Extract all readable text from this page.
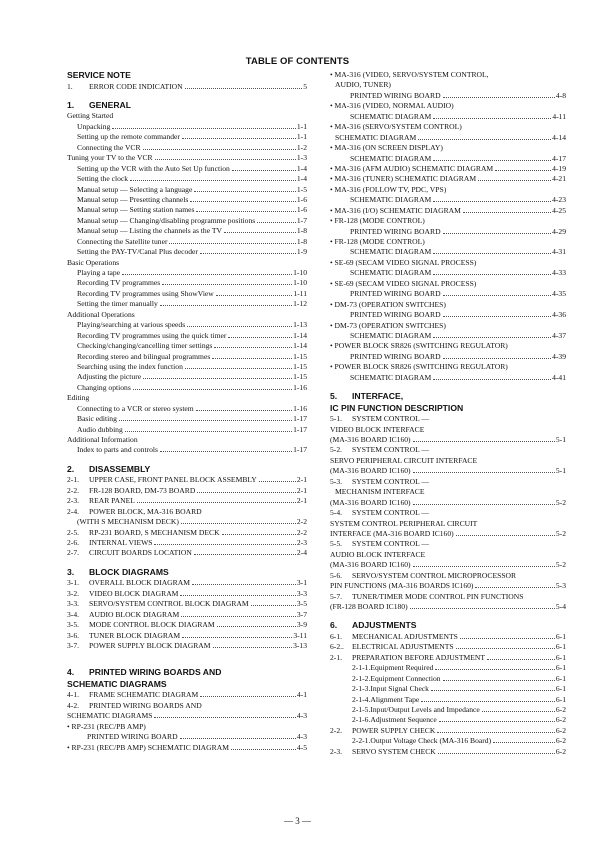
TABLE OF CONTENTS
SERVICE NOTE
1.	ERROR CODE INDICATION	5
1.	GENERAL
Getting Started
Unpacking	1-1
Setting up the remote commander	1-1
Connecting the VCR	1-2
Tuning your TV to the VCR	1-3
Setting up the VCR with the Auto Set Up function	1-4
Setting the clock	1-4
Manual setup — Selecting a language	1-5
Manual setup — Presetting channels	1-6
Manual setup — Setting station names	1-6
Manual setup — Changing/disabling programme positions	1-7
Manual setup — Listing the channels as the TV	1-8
Connecting the Satellite tuner	1-8
Setting the PAY-TV/Canal Plus decoder	1-9
Basic Operations
Playing a tape	1-10
Recording TV programmes	1-10
Recording TV programmes using ShowView	1-11
Setting the timer manually	1-12
Additional Operations
Playing/searching at various speeds	1-13
Recording TV programmes using the quick timer	1-14
Checking/changing/cancelling timer settings	1-14
Recording stereo and bilingual programmes	1-15
Searching using the index function	1-15
Adjusting the picture	1-15
Changing options	1-16
Editing
Connecting to a VCR or stereo system	1-16
Basic editing	1-17
Audio dubbing	1-17
Additional Information
Index to parts and controls	1-17
2.	DISASSEMBLY
2-1.	UPPER CASE, FRONT PANEL BLOCK ASSEMBLY	2-1
2-2.	FR-128 BOARD, DM-73 BOARD	2-1
2-3.	REAR PANEL	2-1
2-4.	POWER BLOCK, MA-316 BOARD
(WITH S MECHANISM DECK)	2-2
2-5.	RP-231 BOARD, S MECHANISM DECK	2-2
2-6.	INTERNAL VIEWS	2-3
2-7.	CIRCUIT BOARDS LOCATION	2-4
3.	BLOCK DIAGRAMS
3-1.	OVERALL BLOCK DIAGRAM	3-1
3-2.	VIDEO BLOCK DIAGRAM	3-3
3-3.	SERVO/SYSTEM CONTROL BLOCK DIAGRAM	3-5
3-4.	AUDIO BLOCK DIAGRAM	3-7
3-5.	MODE CONTROL BLOCK DIAGRAM	3-9
3-6.	TUNER BLOCK DIAGRAM	3-11
3-7.	POWER SUPPLY BLOCK DIAGRAM	3-13
4.	PRINTED WIRING BOARDS AND
SCHEMATIC DIAGRAMS
4-1.	FRAME SCHEMATIC DIAGRAM	4-1
4-2.	PRINTED WIRING BOARDS AND
SCHEMATIC DIAGRAMS	4-3
• RP-231 (REC/PB AMP)
PRINTED WIRING BOARD	4-3
• RP-231 (REC/PB AMP) SCHEMATIC DIAGRAM	4-5
• MA-316 (VIDEO, SERVO/SYSTEM CONTROL,
AUDIO, TUNER)
PRINTED WIRING BOARD	4-8
• MA-316 (VIDEO, NORMAL AUDIO)
SCHEMATIC DIAGRAM	4-11
• MA-316 (SERVO/SYSTEM CONTROL)
SCHEMATIC DIAGRAM	4-14
• MA-316 (ON SCREEN DISPLAY)
SCHEMATIC DIAGRAM	4-17
• MA-316 (AFM AUDIO) SCHEMATIC DIAGRAM	4-19
• MA-316 (TUNER) SCHEMATIC DIAGRAM	4-21
• MA-316 (FOLLOW TV, PDC, VPS)
SCHEMATIC DIAGRAM	4-23
• MA-316 (I/O) SCHEMATIC DIAGRAM	4-25
• FR-128 (MODE CONTROL)
PRINTED WIRING BOARD	4-29
• FR-128 (MODE CONTROL)
SCHEMATIC DIAGRAM	4-31
• SE-69 (SECAM VIDEO SIGNAL PROCESS)
SCHEMATIC DIAGRAM	4-33
• SE-69 (SECAM VIDEO SIGNAL PROCESS)
PRINTED WIRING BOARD	4-35
• DM-73 (OPERATION SWITCHES)
PRINTED WIRING BOARD	4-36
• DM-73 (OPERATION SWITCHES)
SCHEMATIC DIAGRAM	4-37
• POWER BLOCK SR826 (SWITCHING REGULATOR)
PRINTED WIRING BOARD	4-39
• POWER BLOCK SR826 (SWITCHING REGULATOR)
SCHEMATIC DIAGRAM	4-41
5.	INTERFACE,
IC PIN FUNCTION DESCRIPTION
5-1.	SYSTEM CONTROL —
VIDEO BLOCK INTERFACE
(MA-316 BOARD IC160)	5-1
5-2.	SYSTEM CONTROL —
SERVO PERIPHERAL CIRCUIT INTERFACE
(MA-316 BOARD IC160)	5-1
5-3.	SYSTEM CONTROL —
MECHANISM INTERFACE
(MA-316 BOARD IC160)	5-2
5-4.	SYSTEM CONTROL —
SYSTEM CONTROL PERIPHERAL CIRCUIT
INTERFACE (MA-316 BOARD IC160)	5-2
5-5.	SYSTEM CONTROL —
AUDIO BLOCK INTERFACE
(MA-316 BOARD IC160)	5-2
5-6.	SERVO/SYSTEM CONTROL MICROPROCESSOR
PIN FUNCTIONS (MA-316 BOARDS IC160)	5-3
5-7.	TUNER/TIMER MODE CONTROL PIN FUNCTIONS
(FR-128 BOARD IC180)	5-4
6.	ADJUSTMENTS
6-1.	MECHANICAL ADJUSTMENTS	6-1
6-2..	ELECTRICAL ADJUSTMENTS	6-1
2-1.	PREPARATION BEFORE ADJUSTMENT	6-1
2-1-1.Equipment Required	6-1
2-1-2.Equipment Connection	6-1
2-1-3.Input Signal Check	6-1
2-1-4.Alignment Tape	6-1
2-1-5.Input/Output Levels and Impedance	6-2
2-1-6.Adjustment Sequence	6-2
2-2.	POWER SUPPLY CHECK	6-2
2-2-1.Output Voltage Check (MA-316 Board)	6-2
2-3.	SERVO SYSTEM CHECK	6-2
— 3 —
